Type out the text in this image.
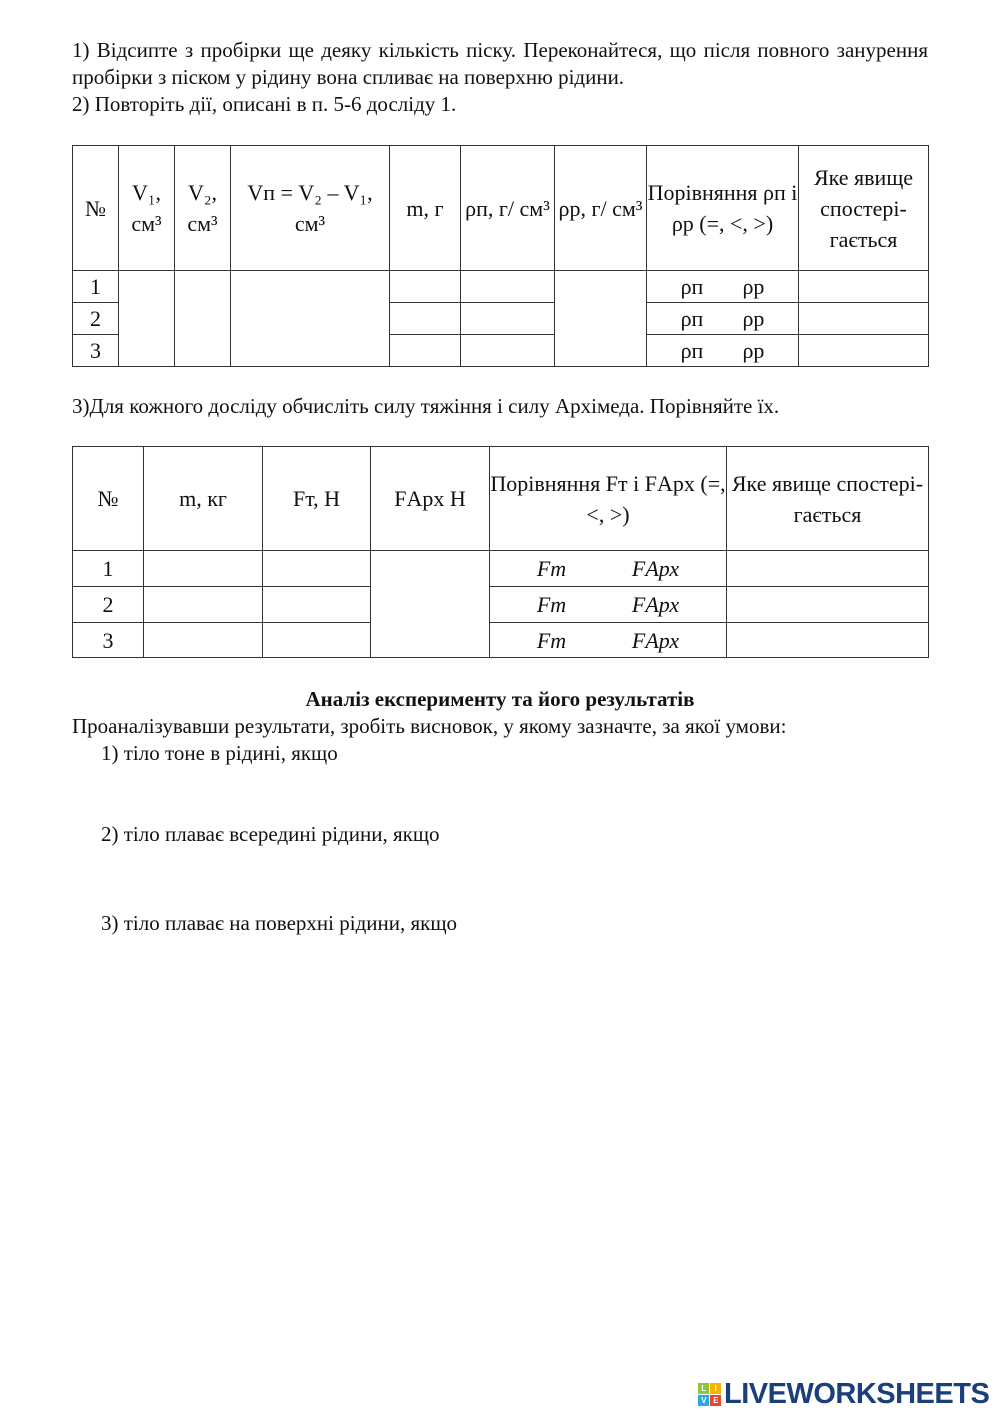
1) Відсипте з пробірки ще деяку кількість піску. Переконайтеся, що після повного занурення пробірки з піском у рідину вона спливає на поверхню рідини.
2) Повторіть дії, описані в п. 5-6 досліду 1.
№	V₁, см³	V₂, см³	Vп = V₂ – V₁, см³	m, г	ρп, г/ см³	ρр, г/ см³	Порівняння ρп і ρр (=, <, >)	Яке явище спостері-гається
1							ρп ρр	

2							ρп ρр	

3							ρп ρр	

3)Для кожного досліду обчисліть силу тяжіння і силу Архімеда. Порівняйте їх.
№	m, кг	Fт, Н	FАрх Н	Порівняння Fт і FАрх (=, <, >)	Яке явище спостері-гається
1				Fт FАрх	

2				Fт FАрх	

3				Fт FАрх	

Аналіз експерименту та його результатів
Проаналізувавши результати, зробіть висновок, у якому зазначте, за якої умови:
1) тіло тоне в рідині, якщо
2) тіло плаває всередині рідини, якщо
3) тіло плаває на поверхні рідини, якщо
L	I
V E LIVEWORKSHEETS
